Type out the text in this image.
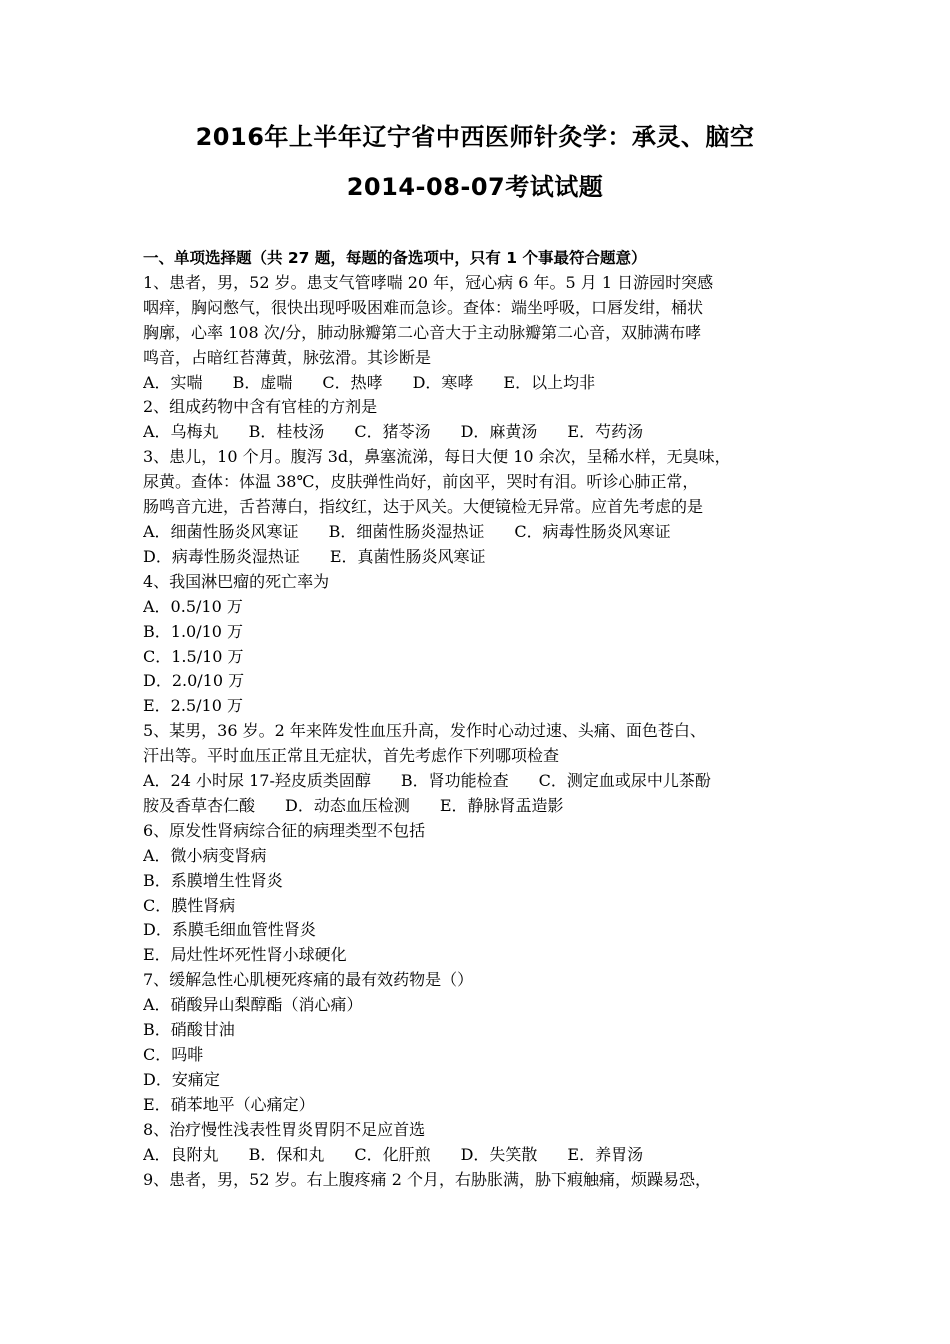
2016年上半年辽宁省中西医师针灸学：承灵、脑空
2014-08-07考试试题
一、单项选择题（共 27 题，每题的备选项中，只有 1 个事最符合题意）
1、患者，男，52 岁。患支气管哮喘 20 年，冠心病 6 年。5 月 1 日游园时突感
咽痒，胸闷憋气，很快出现呼吸困难而急诊。查体：端坐呼吸，口唇发绀，桶状
胸廓，心率 108 次/分，肺动脉瓣第二心音大于主动脉瓣第二心音，双肺满布哮
鸣音，占暗红苔薄黄，脉弦滑。其诊断是
A．实喘 B．虚喘 C．热哮 D．寒哮 E．以上均非
2、组成药物中含有官桂的方剂是
A．乌梅丸 B．桂枝汤 C．猪苓汤 D．麻黄汤 E．芍药汤
3、患儿，10 个月。腹泻 3d，鼻塞流涕，每日大便 10 余次，呈稀水样，无臭味，
尿黄。查体：体温 38℃，皮肤弹性尚好，前囟平，哭时有泪。听诊心肺正常，
肠鸣音亢进，舌苔薄白，指纹红，达于风关。大便镜检无异常。应首先考虑的是
A．细菌性肠炎风寒证 B．细菌性肠炎湿热证 C．病毒性肠炎风寒证
D．病毒性肠炎湿热证 E．真菌性肠炎风寒证
4、我国淋巴瘤的死亡率为
A．0.5/10 万
B．1.0/10 万
C．1.5/10 万
D．2.0/10 万
E．2.5/10 万
5、某男，36 岁。2 年来阵发性血压升高，发作时心动过速、头痛、面色苍白、
汗出等。平时血压正常且无症状，首先考虑作下列哪项检查
A．24 小时尿 17-羟皮质类固醇 B．肾功能检查 C．测定血或尿中儿茶酚
胺及香草杏仁酸 D．动态血压检测 E．静脉肾盂造影
6、原发性肾病综合征的病理类型不包括
A．微小病变肾病
B．系膜增生性肾炎
C．膜性肾病
D．系膜毛细血管性肾炎
E．局灶性坏死性肾小球硬化
7、缓解急性心肌梗死疼痛的最有效药物是（）
A．硝酸异山梨醇酯（消心痛）
B．硝酸甘油
C．吗啡
D．安痛定
E．硝苯地平（心痛定）
8、治疗慢性浅表性胃炎胃阴不足应首选
A．良附丸 B．保和丸 C．化肝煎 D．失笑散 E．养胃汤
9、患者，男，52 岁。右上腹疼痛 2 个月，右胁胀满，胁下瘕触痛，烦躁易恐，
